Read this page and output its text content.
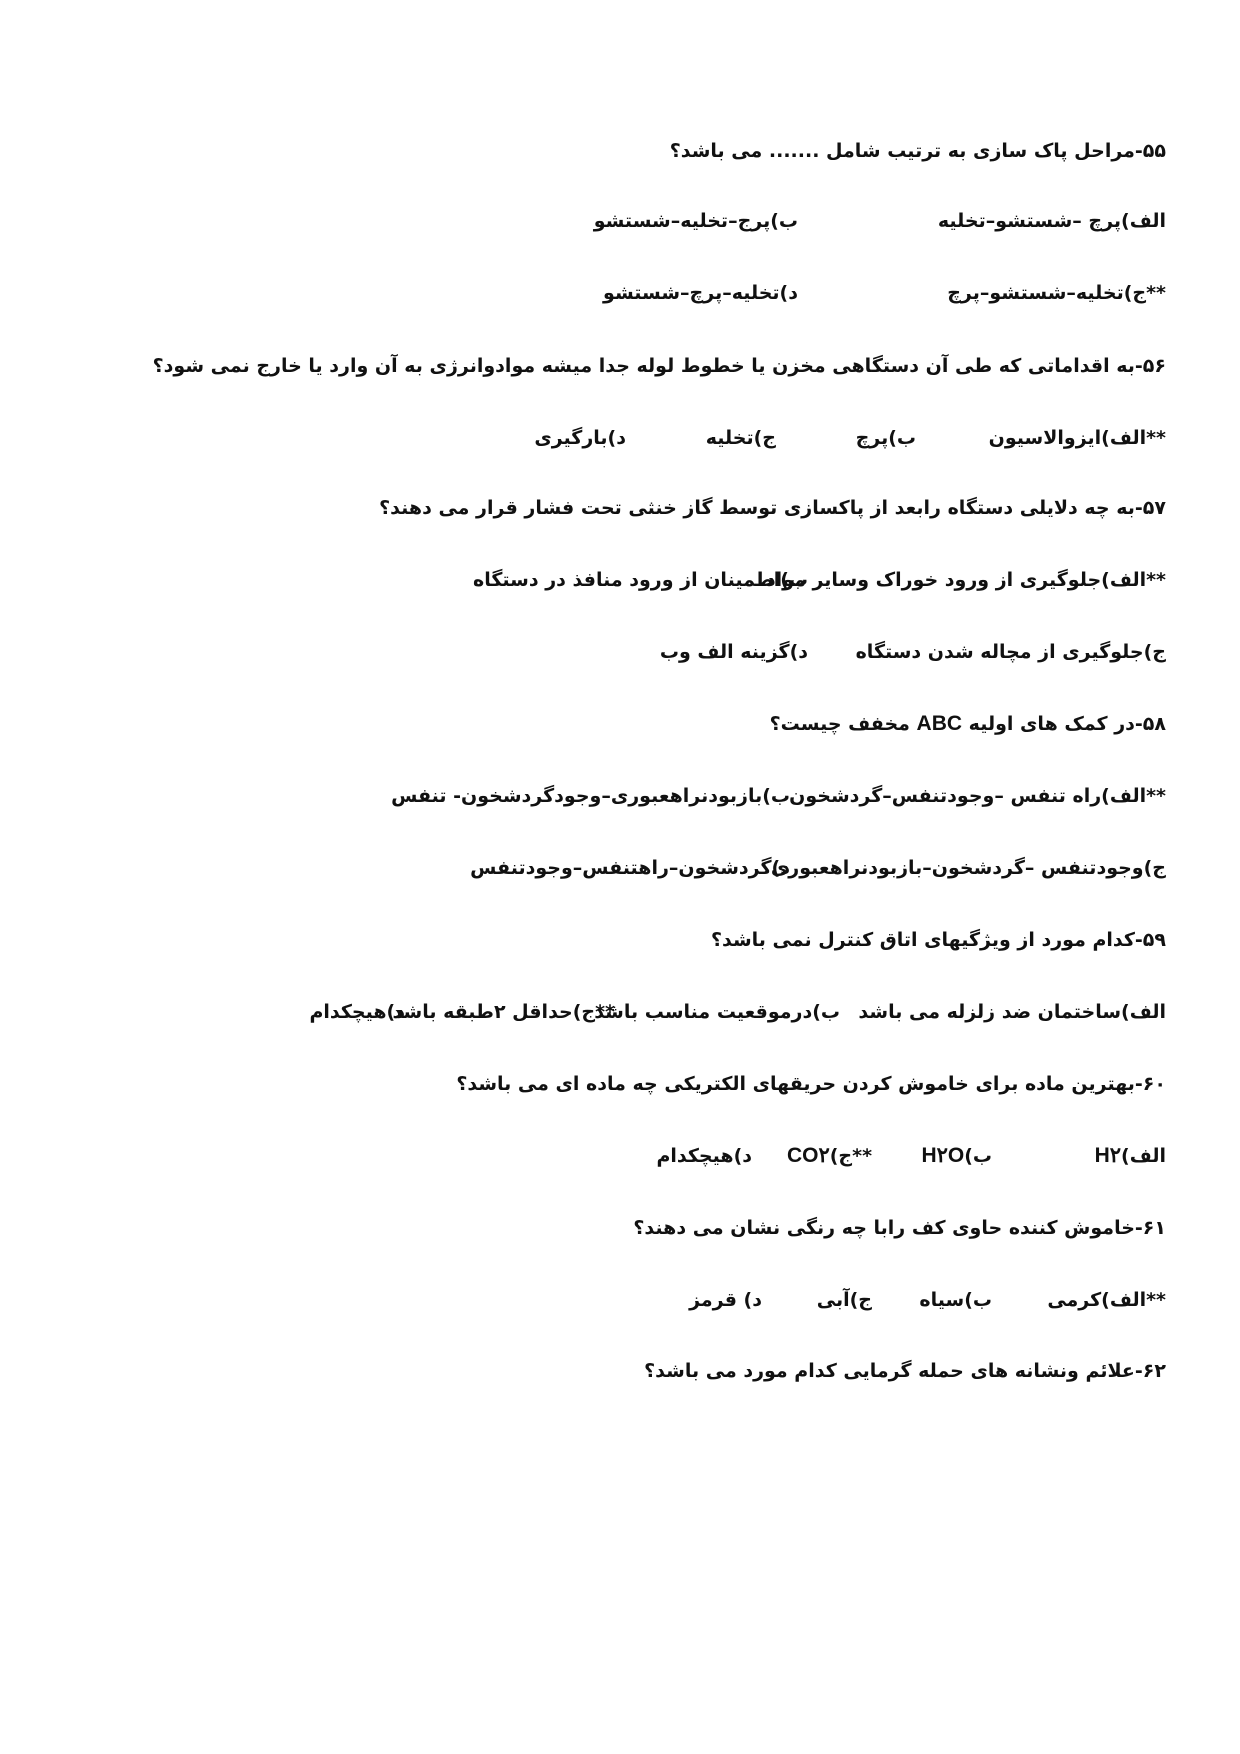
۵۵-مراحل پاک سازی به ترتیب شامل ....... می باشد؟
الف)پرچ –شستشو–تخلیه
ب)پرج–تخلیه–شستشو
**ج)تخلیه–شستشو–پرچ
د)تخلیه–پرچ–شستشو
۵۶-به اقداماتی که طی آن دستگاهی مخزن یا خطوط لوله جدا میشه موادوانرژی به آن وارد یا خارج نمی شود؟
**الف)ایزوالاسیون
ب)پرچ
ج)تخلیه
د)بارگیری
۵۷-به چه دلایلی دستگاه رابعد از پاکسازی توسط گاز خنثی تحت فشار قرار می دهند؟
**الف)جلوگیری از ورود خوراک وسایر مواد
ب)اطمینان از ورود منافذ در دستگاه
ج)جلوگیری از مچاله شدن دستگاه
د)گزینه الف وب
۵۸-در کمک های اولیه ABC مخفف چیست؟
**الف)راه تنفس –وجودتنفس–گردشخون
ب)بازبودنراهعبوری–وجودگردشخون- تنفس
ج)وجودتنفس –گردشخون–بازبودنراهعبوری
د)گردشخون–راهتنفس–وجودتنفس
۵۹-کدام مورد از ویژگیهای اتاق کنترل نمی باشد؟
الف)ساختمان ضد زلزله می باشد
ب)درموقعیت مناسب باشد
**ج)حداقل ۲طبقه باشد
د)هیچکدام
۶۰-بهترین ماده برای خاموش کردن حریقهای الکتریکی چه ماده ای می باشد؟
الف)H۲
ب)H۲O
**ج)CO۲
د)هیچکدام
۶۱-خاموش کننده حاوی کف رابا چه رنگی نشان می دهند؟
**الف)کرمی
ب)سیاه
ج)آبی
د) قرمز
۶۲-علائم ونشانه های حمله گرمایی کدام مورد می باشد؟
